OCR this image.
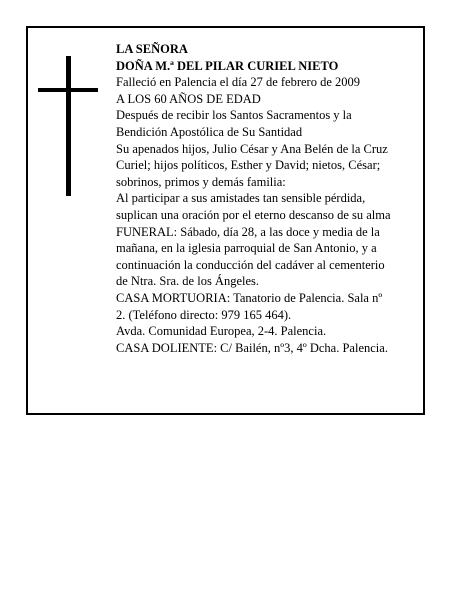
LA SEÑORA
DOÑA M.ª DEL PILAR CURIEL NIETO
Falleció en Palencia el día 27 de febrero de 2009
A LOS 60 AÑOS DE EDAD
Después de recibir los Santos Sacramentos y la
Bendición Apostólica de Su Santidad
Su apenados hijos, Julio César y Ana Belén de la Cruz
Curiel; hijos políticos, Esther y David; nietos, César;
sobrinos, primos y demás familia:
Al participar a sus amistades tan sensible pérdida,
suplican una oración por el eterno descanso de su alma
FUNERAL: Sábado, día 28, a las doce y media de la
mañana, en la iglesia parroquial de San Antonio, y a
continuación la conducción del cadáver al cementerio
de Ntra. Sra. de los Ángeles.
CASA MORTUORIA: Tanatorio de Palencia. Sala nº
2. (Teléfono directo: 979 165 464).
Avda. Comunidad Europea, 2-4. Palencia.
CASA DOLIENTE: C/ Bailén, nº3, 4º Dcha. Palencia.
